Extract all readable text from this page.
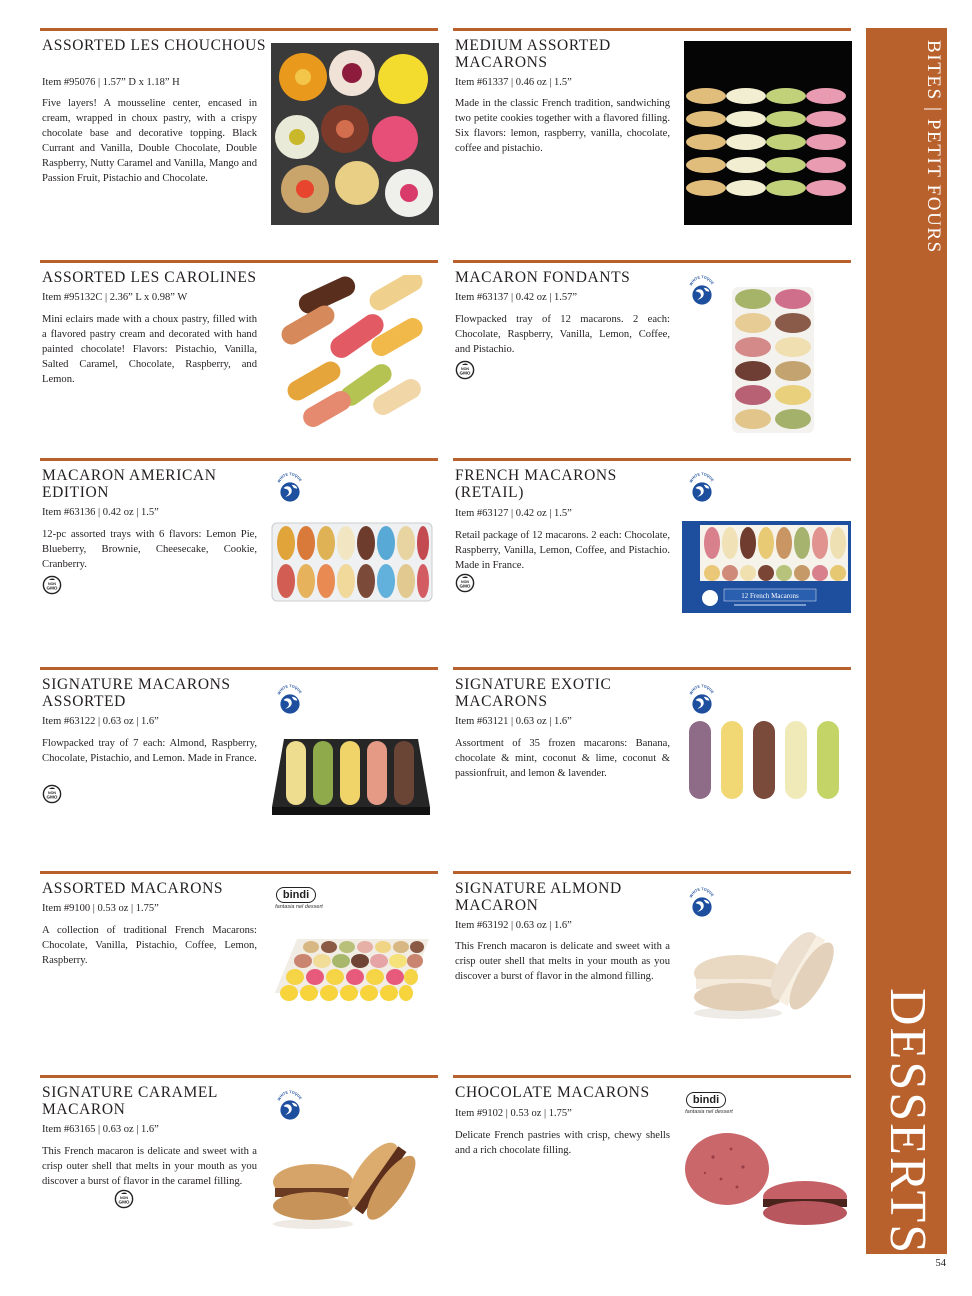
ASSORTED LES CHOUCHOUS
Item #95076 | 1.57” D x 1.18” H
Five layers! A mousseline center, encased in cream, wrapped in choux pastry, with a crispy chocolate base and decorative topping. Black Currant and Vanilla, Double Chocolate, Double Raspberry, Nutty Caramel and Vanilla, Mango and Passion Fruit, Pistachio and Chocolate.
MEDIUM ASSORTED MACARONS
Item #61337 | 0.46 oz | 1.5”
Made in the classic French tradition, sandwiching two petite cookies together with a flavored filling. Six flavors: lemon, raspberry, vanilla, chocolate, coffee and pistachio.
ASSORTED LES CAROLINES
Item #95132C | 2.36” L x 0.98” W
Mini eclairs made with a choux pastry, filled with a flavored pastry cream and decorated with hand painted chocolate! Flavors: Pistachio, Vanilla, Salted Caramel, Chocolate, Raspberry, and Lemon.
MACARON FONDANTS
Item #63137 | 0.42 oz | 1.57”
Flowpacked tray of 12 macarons. 2 each: Chocolate, Raspberry, Vanilla, Lemon, Coffee, and Pistachio.
MACARON AMERICAN EDITION
Item #63136 | 0.42 oz | 1.5”
12-pc assorted trays with 6 flavors: Lemon Pie, Blueberry, Brownie, Cheesecake, Cookie, Cranberry.
FRENCH MACARONS (RETAIL)
Item #63127 | 0.42 oz | 1.5”
Retail package of 12 macarons. 2 each: Chocolate, Raspberry, Vanilla, Lemon, Coffee, and Pistachio. Made in France.
12 French Macarons
SIGNATURE MACARONS ASSORTED
Item #63122 | 0.63 oz | 1.6”
Flowpacked tray of 7 each: Almond, Raspberry, Chocolate, Pistachio, and Lemon. Made in France.
SIGNATURE EXOTIC MACARONS
Item #63121 | 0.63 oz | 1.6”
Assortment of 35 frozen macarons: Banana, chocolate & mint, coconut & lime, coconut & passionfruit, and lemon & lavender.
ASSORTED MACARONS
Item #9100 | 0.53 oz | 1.75”
A collection of traditional French Macarons: Chocolate, Vanilla, Pistachio, Coffee, Lemon, Raspberry.
bindi
fantasia nel dessert
SIGNATURE ALMOND MACARON
Item #63192 | 0.63 oz | 1.6”
This French macaron is delicate and sweet with a crisp outer shell that melts in your mouth as you discover a burst of flavor in the almond filling.
SIGNATURE CARAMEL MACARON
Item #63165 | 0.63 oz | 1.6”
This French macaron is delicate and sweet with a crisp outer shell that melts in your mouth as you discover a burst of flavor in the caramel filling.
CHOCOLATE MACARONS
Item #9102 | 0.53 oz | 1.75”
Delicate French pastries with crisp, chewy shells and a rich chocolate filling.
bindi
fantasia nel dessert
BITES | PETIT FOURS
DESSERTS
54
